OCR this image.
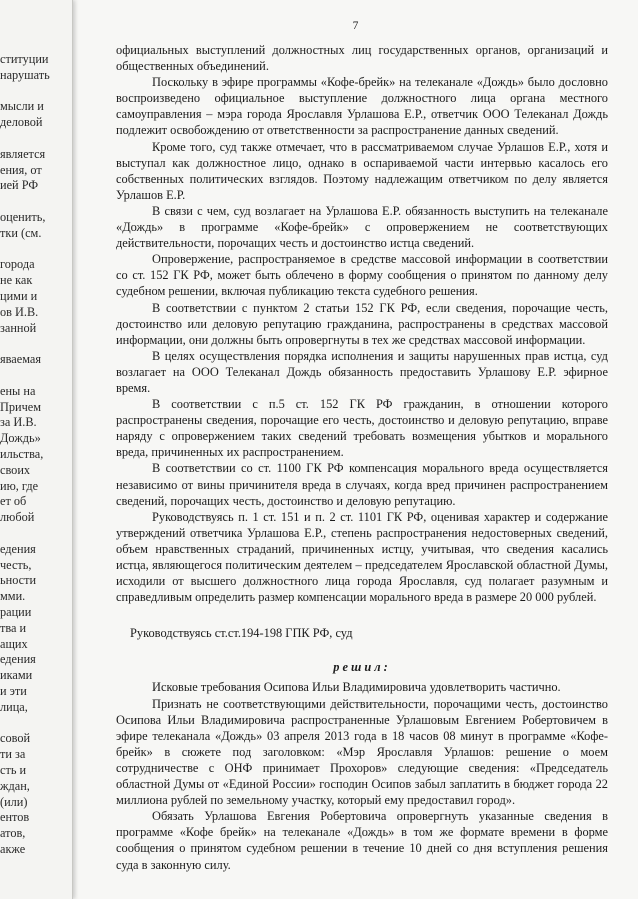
ституции
нарушать
мысли и
деловой
является
ения, от
ией РФ
оценить,
тки (см.
города
не как
цими и
ов И.В.
занной
яваемая
ены на
Причем
за И.В.
Дождь»
ильства,
своих
ию, где
ет об
любой
едения
честь,
ьности
мми.
рации
тва и
ащих
едения
иками
и эти
лица,
совой
ти за
сть и
ждан,
(или)
ентов
атов,
акже
7

официальных выступлений должностных лиц государственных органов, организаций и общественных объединений.

Поскольку в эфире программы «Кофе-брейк» на телеканале «Дождь» было дословно воспроизведено официальное выступление должностного лица органа местного самоуправления – мэра города Ярославля Урлашова Е.Р., ответчик ООО Телеканал Дождь подлежит освобождению от ответственности за распространение данных сведений.

Кроме того, суд также отмечает, что в рассматриваемом случае Урлашов Е.Р., хотя и выступал как должностное лицо, однако в оспариваемой части интервью касалось его собственных политических взглядов. Поэтому надлежащим ответчиком по делу является Урлашов Е.Р.

В связи с чем, суд возлагает на Урлашова Е.Р. обязанность выступить на телеканале «Дождь» в программе «Кофе-брейк» с опровержением не соответствующих действительности, порочащих честь и достоинство истца сведений.

Опровержение, распространяемое в средстве массовой информации в соответствии со ст. 152 ГК РФ, может быть облечено в форму сообщения о принятом по данному делу судебном решении, включая публикацию текста судебного решения.

В соответствии с пунктом 2 статьи 152 ГК РФ, если сведения, порочащие честь, достоинство или деловую репутацию гражданина, распространены в средствах массовой информации, они должны быть опровергнуты в тех же средствах массовой информации.

В целях осуществления порядка исполнения и защиты нарушенных прав истца, суд возлагает на ООО Телеканал Дождь обязанность предоставить Урлашову Е.Р. эфирное время.

В соответствии с п.5 ст. 152 ГК РФ гражданин, в отношении которого распространены сведения, порочащие его честь, достоинство и деловую репутацию, вправе наряду с опровержением таких сведений требовать возмещения убытков и морального вреда, причиненных их распространением.

В соответствии со ст. 1100 ГК РФ компенсация морального вреда осуществляется независимо от вины причинителя вреда в случаях, когда вред причинен распространением сведений, порочащих честь, достоинство и деловую репутацию.

Руководствуясь п. 1 ст. 151 и п. 2 ст. 1101 ГК РФ, оценивая характер и содержание утверждений ответчика Урлашова Е.Р., степень распространения недостоверных сведений, объем нравственных страданий, причиненных истцу, учитывая, что сведения касались истца, являющегося политическим деятелем – председателем Ярославской областной Думы, исходили от высшего должностного лица города Ярославля, суд полагает разумным и справедливым определить размер компенсации морального вреда в размере 20 000 рублей.

Руководствуясь ст.ст.194-198 ГПК РФ, суд

решил:

Исковые требования Осипова Ильи Владимировича удовлетворить частично.

Признать не соответствующими действительности, порочащими честь, достоинство Осипова Ильи Владимировича распространенные Урлашовым Евгением Робертовичем в эфире телеканала «Дождь» 03 апреля 2013 года в 18 часов 08 минут в программе «Кофе-брейк» в сюжете под заголовком: «Мэр Ярославля Урлашов: решение о моем сотрудничестве с ОНФ принимает Прохоров» следующие сведения: «Председатель областной Думы от «Единой России» господин Осипов забыл заплатить в бюджет города 22 миллиона рублей по земельному участку, который ему предоставил город».

Обязать Урлашова Евгения Робертовича опровергнуть указанные сведения в программе «Кофе брейк» на телеканале «Дождь» в том же формате времени в форме сообщения о принятом судебном решении в течение 10 дней со дня вступления решения суда в законную силу.
